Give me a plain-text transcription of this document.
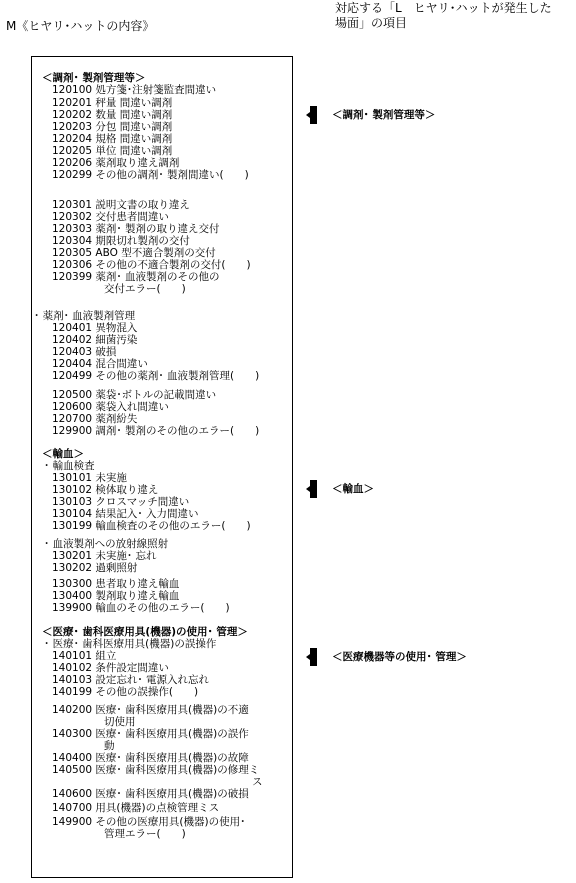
M《ヒヤリ･ハットの内容》
対応する「L　ヒヤリ･ハットが発生した
場面」の項目
＜調剤･ 製剤管理等＞
120100 処方箋･注射箋監査間違い
120201 秤量 間違い調剤
120202 数量 間違い調剤
120203 分包 間違い調剤
120204 規格 間違い調剤
120205 単位 間違い調剤
120206 薬剤取り違え調剤
120299 その他の調剤･ 製剤間違い(　　)
120301 説明文書の取り違え
120302 交付患者間違い
120303 薬剤･ 製剤の取り違え交付
120304 期限切れ製剤の交付
120305 ABO 型不適合製剤の交付
120306 その他の不適合製剤の交付(　　)
120399 薬剤･ 血液製剤のその他の
交付エラー(　　)
･ 薬剤･ 血液製剤管理
120401 異物混入
120402 細菌汚染
120403 破損
120404 混合間違い
120499 その他の薬剤･ 血液製剤管理(　　)
120500 薬袋･ボトルの記載間違い
120600 薬袋入れ間違い
120700 薬剤紛失
129900 調剤･ 製剤のその他のエラー(　　)
＜輸血＞
･ 輸血検査
130101 未実施
130102 検体取り違え
130103 クロスマッチ間違い
130104 結果記入･ 入力間違い
130199 輸血検査のその他のエラー(　　)
･ 血液製剤への放射線照射
130201 未実施･ 忘れ
130202 過剰照射
130300 患者取り違え輸血
130400 製剤取り違え輸血
139900 輸血のその他のエラー(　　)
＜医療･ 歯科医療用具(機器)の使用･ 管理＞
･ 医療･ 歯科医療用具(機器)の誤操作
140101 組立
140102 条件設定間違い
140103 設定忘れ･ 電源入れ忘れ
140199 その他の誤操作(　　)
140200 医療･ 歯科医療用具(機器)の不適
切使用
140300 医療･ 歯科医療用具(機器)の誤作
動
140400 医療･ 歯科医療用具(機器)の故障
140500 医療･ 歯科医療用具(機器)の修理ミ
ス
140600 医療･ 歯科医療用具(機器)の破損
140700 用具(機器)の点検管理ミス
149900 その他の医療用具(機器)の使用･
管理エラー(　　)
＜調剤･ 製剤管理等＞
＜輸血＞
＜医療機器等の使用･ 管理＞
